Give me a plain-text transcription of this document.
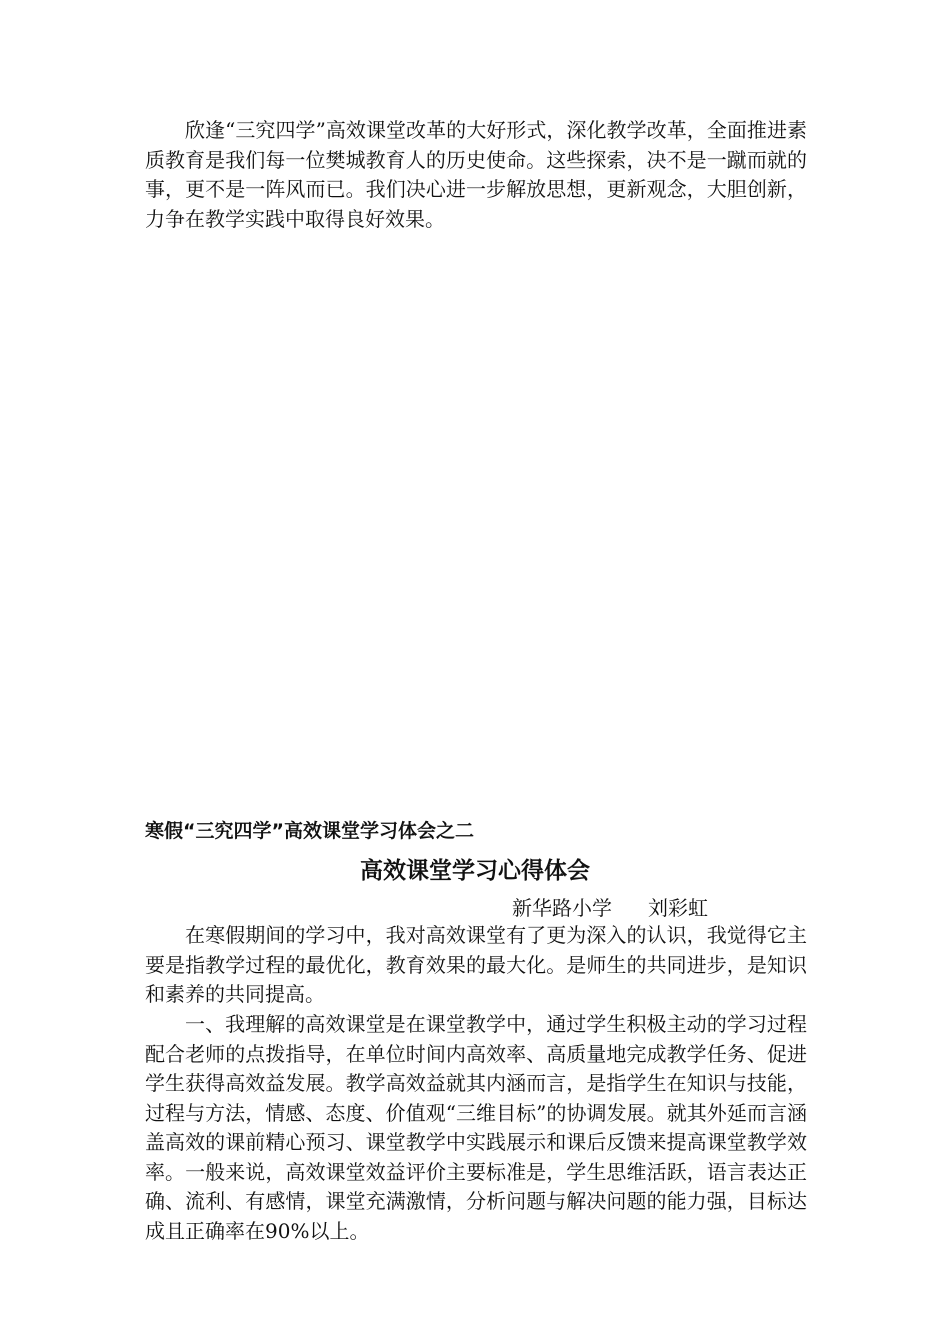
欣逢“三究四学”高效课堂改革的大好形式，深化教学改革，全面推进素质教育是我们每一位樊城教育人的历史使命。这些探索，决不是一蹴而就的事，更不是一阵风而已。我们决心进一步解放思想，更新观念，大胆创新，力争在教学实践中取得良好效果。

寒假“三究四学”高效课堂学习体会之二

高效课堂学习心得体会

新华路小学 刘彩虹

在寒假期间的学习中，我对高效课堂有了更为深入的认识，我觉得它主要是指教学过程的最优化，教育效果的最大化。是师生的共同进步，是知识和素养的共同提高。

一、我理解的高效课堂是在课堂教学中，通过学生积极主动的学习过程配合老师的点拨指导，在单位时间内高效率、高质量地完成教学任务、促进学生获得高效益发展。教学高效益就其内涵而言，是指学生在知识与技能，过程与方法，情感、态度、价值观“三维目标”的协调发展。就其外延而言涵盖高效的课前精心预习、课堂教学中实践展示和课后反馈来提高课堂教学效率。一般来说，高效课堂效益评价主要标准是，学生思维活跃，语言表达正确、流利、有感情，课堂充满激情，分析问题与解决问题的能力强，目标达成且正确率在90%以上。
